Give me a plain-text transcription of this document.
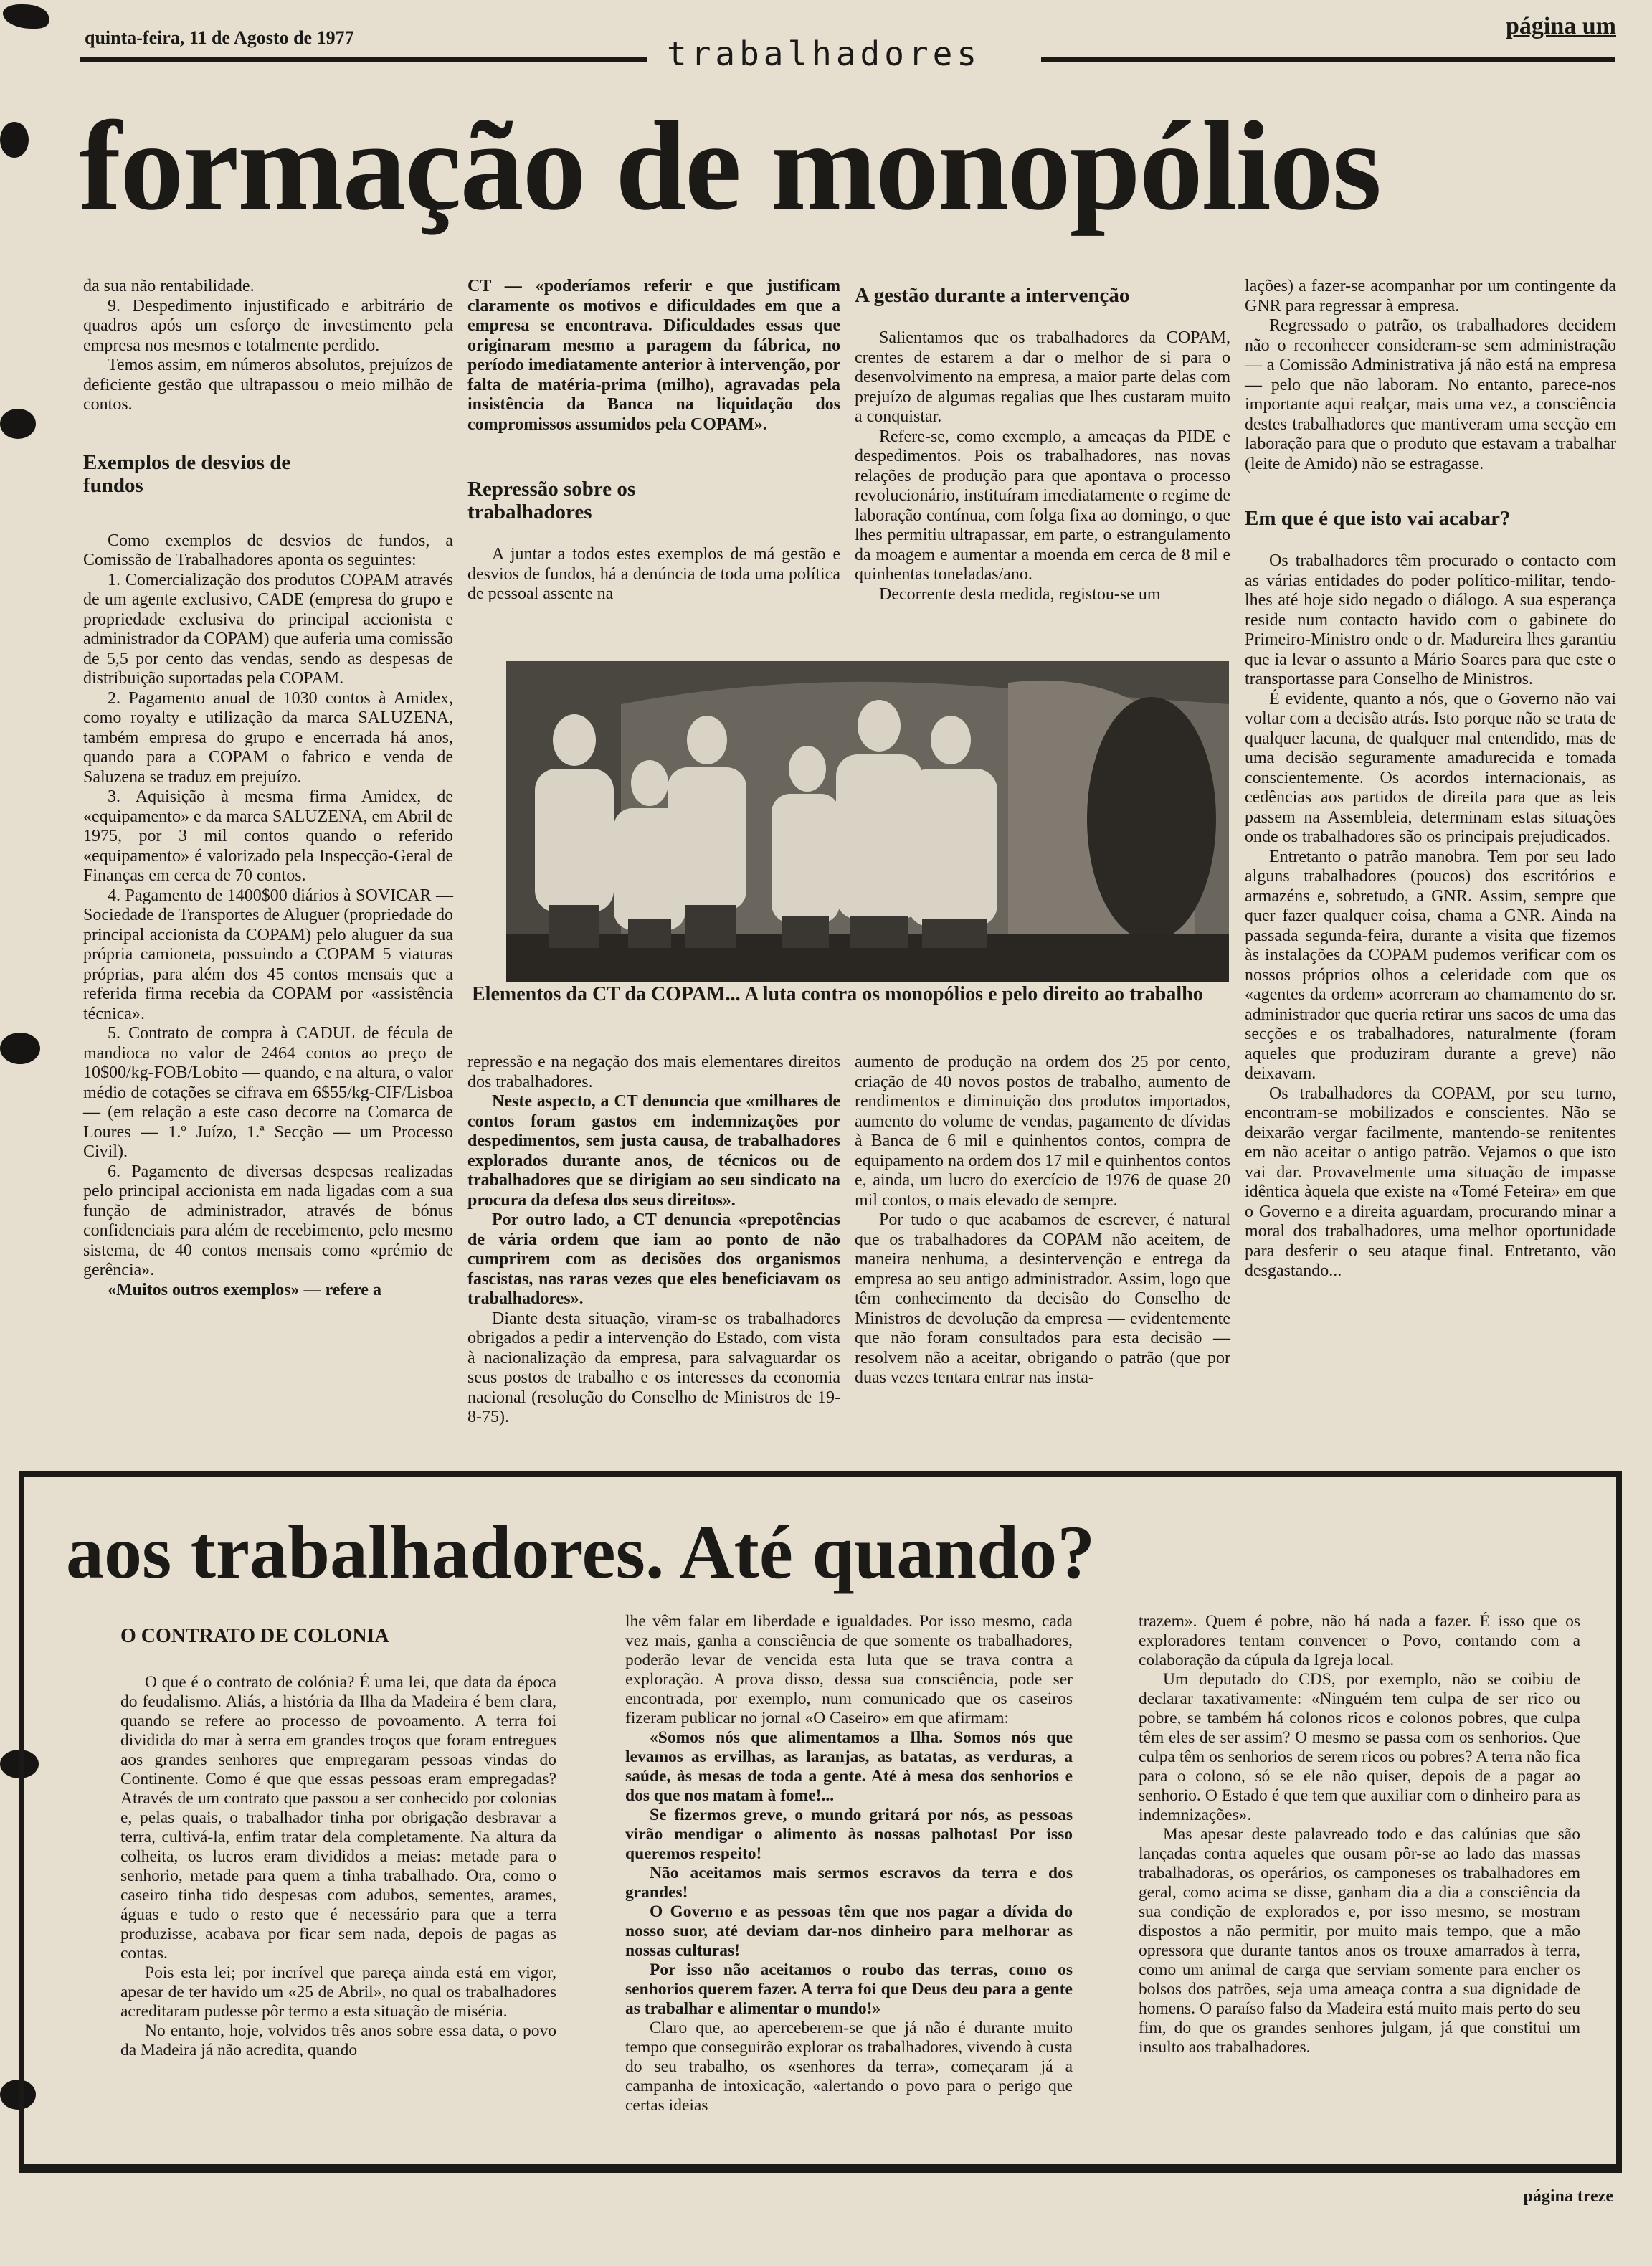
quinta-feira, 11 de Agosto de 1977	trabalhadores
página um
formação de monopólios

da sua não rentabilidade.

9. Despedimento injustificado e arbitrário de quadros após um esforço de investimento pela empresa nos mesmos e totalmente perdido.

Temos assim, em números absolutos, prejuízos de deficiente gestão que ultrapassou o meio milhão de contos.

Exemplos de desvios de fundos

Como exemplos de desvios de fundos, a Comissão de Trabalhadores aponta os seguintes:

1. Comercialização dos produtos COPAM através de um agente exclusivo, CADE (empresa do grupo e propriedade exclusiva do principal accionista e administrador da COPAM) que auferia uma comissão de 5,5 por cento das vendas, sendo as despesas de distribuição suportadas pela COPAM.

2. Pagamento anual de 1030 contos à Amidex, como royalty e utilização da marca SALUZENA, também empresa do grupo e encerrada há anos, quando para a COPAM o fabrico e venda de Saluzena se traduz em prejuízo.

3. Aquisição à mesma firma Amidex, de «equipamento» e da marca SALUZENA, em Abril de 1975, por 3 mil contos quando o referido «equipamento» é valorizado pela Inspecção-Geral de Finanças em cerca de 70 contos.

4. Pagamento de 1400$00 diários à SOVICAR — Sociedade de Transportes de Aluguer (propriedade do principal accionista da COPAM) pelo aluguer da sua própria camioneta, possuindo a COPAM 5 viaturas próprias, para além dos 45 contos mensais que a referida firma recebia da COPAM por «assistência técnica».

5. Contrato de compra à CADUL de fécula de mandioca no valor de 2464 contos ao preço de 10$00/kg-FOB/Lobito — quando, e na altura, o valor médio de cotações se cifrava em 6$55/kg-CIF/Lisboa — (em relação a este caso decorre na Comarca de Loures — 1.º Juízo, 1.ª Secção — um Processo Civil).

6. Pagamento de diversas despesas realizadas pelo principal accionista em nada ligadas com a sua função de administrador, através de bónus confidenciais para além de recebimento, pelo mesmo sistema, de 40 contos mensais como «prémio de gerência».

«Muitos outros exemplos» — refere a

CT — «poderíamos referir e que justificam claramente os motivos e dificuldades em que a empresa se encontrava. Dificuldades essas que originaram mesmo a paragem da fábrica, no período imediatamente anterior à intervenção, por falta de matéria-prima (milho), agravadas pela insistência da Banca na liquidação dos compromissos assumidos pela COPAM».

Repressão sobre os trabalhadores

A juntar a todos estes exemplos de má gestão e desvios de fundos, há a denúncia de toda uma política de pessoal assente na

A gestão durante a intervenção

Salientamos que os trabalhadores da COPAM, crentes de estarem a dar o melhor de si para o desenvolvimento na empresa, a maior parte delas com prejuízo de algumas regalias que lhes custaram muito a conquistar.

Refere-se, como exemplo, a ameaças da PIDE e despedimentos. Pois os trabalhadores, nas novas relações de produção para que apontava o processo revolucionário, instituíram imediatamente o regime de laboração contínua, com folga fixa ao domingo, o que lhes permitiu ultrapassar, em parte, o estrangulamento da moagem e aumentar a moenda em cerca de 8 mil e quinhentas toneladas/ano.

Decorrente desta medida, registou-se um

lações) a fazer-se acompanhar por um contingente da GNR para regressar à empresa.

Regressado o patrão, os trabalhadores decidem não o reconhecer consideram-se sem administração — a Comissão Administrativa já não está na empresa — pelo que não laboram. No entanto, parece-nos importante aqui realçar, mais uma vez, a consciência destes trabalhadores que mantiveram uma secção em laboração para que o produto que estavam a trabalhar (leite de Amido) não se estragasse.

Em que é que isto vai acabar?

Os trabalhadores têm procurado o contacto com as várias entidades do poder político-militar, tendo-lhes até hoje sido negado o diálogo. A sua esperança reside num contacto havido com o gabinete do Primeiro-Ministro onde o dr. Madureira lhes garantiu que ia levar o assunto a Mário Soares para que este o transportasse para Conselho de Ministros.

É evidente, quanto a nós, que o Governo não vai voltar com a decisão atrás. Isto porque não se trata de qualquer lacuna, de qualquer mal entendido, mas de uma decisão seguramente amadurecida e tomada conscientemente. Os acordos internacionais, as cedências aos partidos de direita para que as leis passem na Assembleia, determinam estas situações onde os trabalhadores são os principais prejudicados.

Entretanto o patrão manobra. Tem por seu lado alguns trabalhadores (poucos) dos escritórios e armazéns e, sobretudo, a GNR. Assim, sempre que quer fazer qualquer coisa, chama a GNR. Ainda na passada segunda-feira, durante a visita que fizemos às instalações da COPAM pudemos verificar com os nossos próprios olhos a celeridade com que os «agentes da ordem» acorreram ao chamamento do sr. administrador que queria retirar uns sacos de uma das secções e os trabalhadores, naturalmente (foram aqueles que produziram durante a greve) não deixavam.

Os trabalhadores da COPAM, por seu turno, encontram-se mobilizados e conscientes. Não se deixarão vergar facilmente, mantendo-se renitentes em não aceitar o antigo patrão. Vejamos o que isto vai dar. Provavelmente uma situação de impasse idêntica àquela que existe na «Tomé Feteira» em que o Governo e a direita aguardam, procurando minar a moral dos trabalhadores, uma melhor oportunidade para desferir o seu ataque final. Entretanto, vão desgastando...

Elementos da CT da COPAM... A luta contra os monopólios e pelo direito ao trabalho

repressão e na negação dos mais elementares direitos dos trabalhadores.

Neste aspecto, a CT denuncia que «milhares de contos foram gastos em indemnizações por despedimentos, sem justa causa, de trabalhadores explorados durante anos, de técnicos ou de trabalhadores que se dirigiam ao seu sindicato na procura da defesa dos seus direitos».

Por outro lado, a CT denuncia «prepotências de vária ordem que iam ao ponto de não cumprirem com as decisões dos organismos fascistas, nas raras vezes que eles beneficiavam os trabalhadores».

Diante desta situação, viram-se os trabalhadores obrigados a pedir a intervenção do Estado, com vista à nacionalização da empresa, para salvaguardar os seus postos de trabalho e os interesses da economia nacional (resolução do Conselho de Ministros de 19-8-75).

aumento de produção na ordem dos 25 por cento, criação de 40 novos postos de trabalho, aumento de rendimentos e diminuição dos produtos importados, aumento do volume de vendas, pagamento de dívidas à Banca de 6 mil e quinhentos contos, compra de equipamento na ordem dos 17 mil e quinhentos contos e, ainda, um lucro do exercício de 1976 de quase 20 mil contos, o mais elevado de sempre.

Por tudo o que acabamos de escrever, é natural que os trabalhadores da COPAM não aceitem, de maneira nenhuma, a desintervenção e entrega da empresa ao seu antigo administrador. Assim, logo que têm conhecimento da decisão do Conselho de Ministros de devolução da empresa — evidentemente que não foram consultados para esta decisão — resolvem não a aceitar, obrigando o patrão (que por duas vezes tentara entrar nas insta-

aos trabalhadores. Até quando?
O CONTRATO DE COLONIA

O que é o contrato de colónia? É uma lei, que data da época do feudalismo. Aliás, a história da Ilha da Madeira é bem clara, quando se refere ao processo de povoamento. A terra foi dividida do mar à serra em grandes troços que foram entregues aos grandes senhores que empregaram pessoas vindas do Continente. Como é que que essas pessoas eram empregadas? Através de um contrato que passou a ser conhecido por colonias e, pelas quais, o trabalhador tinha por obrigação desbravar a terra, cultivá-la, enfim tratar dela completamente. Na altura da colheita, os lucros eram divididos a meias: metade para o senhorio, metade para quem a tinha trabalhado. Ora, como o caseiro tinha tido despesas com adubos, sementes, arames, águas e tudo o resto que é necessário para que a terra produzisse, acabava por ficar sem nada, depois de pagas as contas.

Pois esta lei; por incrível que pareça ainda está em vigor, apesar de ter havido um «25 de Abril», no qual os trabalhadores acreditaram pudesse pôr termo a esta situação de miséria.

No entanto, hoje, volvidos três anos sobre essa data, o povo da Madeira já não acredita, quando

lhe vêm falar em liberdade e igualdades. Por isso mesmo, cada vez mais, ganha a consciência de que somente os trabalhadores, poderão levar de vencida esta luta que se trava contra a exploração. A prova disso, dessa sua consciência, pode ser encontrada, por exemplo, num comunicado que os caseiros fizeram publicar no jornal «O Caseiro» em que afirmam:

«Somos nós que alimentamos a Ilha. Somos nós que levamos as ervilhas, as laranjas, as batatas, as verduras, a saúde, às mesas de toda a gente. Até à mesa dos senhorios e dos que nos matam à fome!...

Se fizermos greve, o mundo gritará por nós, as pessoas virão mendigar o alimento às nossas palhotas! Por isso queremos respeito!

Não aceitamos mais sermos escravos da terra e dos grandes!

O Governo e as pessoas têm que nos pagar a dívida do nosso suor, até deviam dar-nos dinheiro para melhorar as nossas culturas!

Por isso não aceitamos o roubo das terras, como os senhorios querem fazer. A terra foi que Deus deu para a gente as trabalhar e alimentar o mundo!»

Claro que, ao aperceberem-se que já não é durante muito tempo que conseguirão explorar os trabalhadores, vivendo à custa do seu trabalho, os «senhores da terra», começaram já a campanha de intoxicação, «alertando o povo para o perigo que certas ideias

trazem». Quem é pobre, não há nada a fazer. É isso que os exploradores tentam convencer o Povo, contando com a colaboração da cúpula da Igreja local.

Um deputado do CDS, por exemplo, não se coibiu de declarar taxativamente: «Ninguém tem culpa de ser rico ou pobre, se também há colonos ricos e colonos pobres, que culpa têm eles de ser assim? O mesmo se passa com os senhorios. Que culpa têm os senhorios de serem ricos ou pobres? A terra não fica para o colono, só se ele não quiser, depois de a pagar ao senhorio. O Estado é que tem que auxiliar com o dinheiro para as indemnizações».

Mas apesar deste palavreado todo e das calúnias que são lançadas contra aqueles que ousam pôr-se ao lado das massas trabalhadoras, os operários, os camponeses os trabalhadores em geral, como acima se disse, ganham dia a dia a consciência da sua condição de explorados e, por isso mesmo, se mostram dispostos a não permitir, por muito mais tempo, que a mão opressora que durante tantos anos os trouxe amarrados à terra, como um animal de carga que serviam somente para encher os bolsos dos patrões, seja uma ameaça contra a sua dignidade de homens. O paraíso falso da Madeira está muito mais perto do seu fim, do que os grandes senhores julgam, já que constitui um insulto aos trabalhadores.

página treze
